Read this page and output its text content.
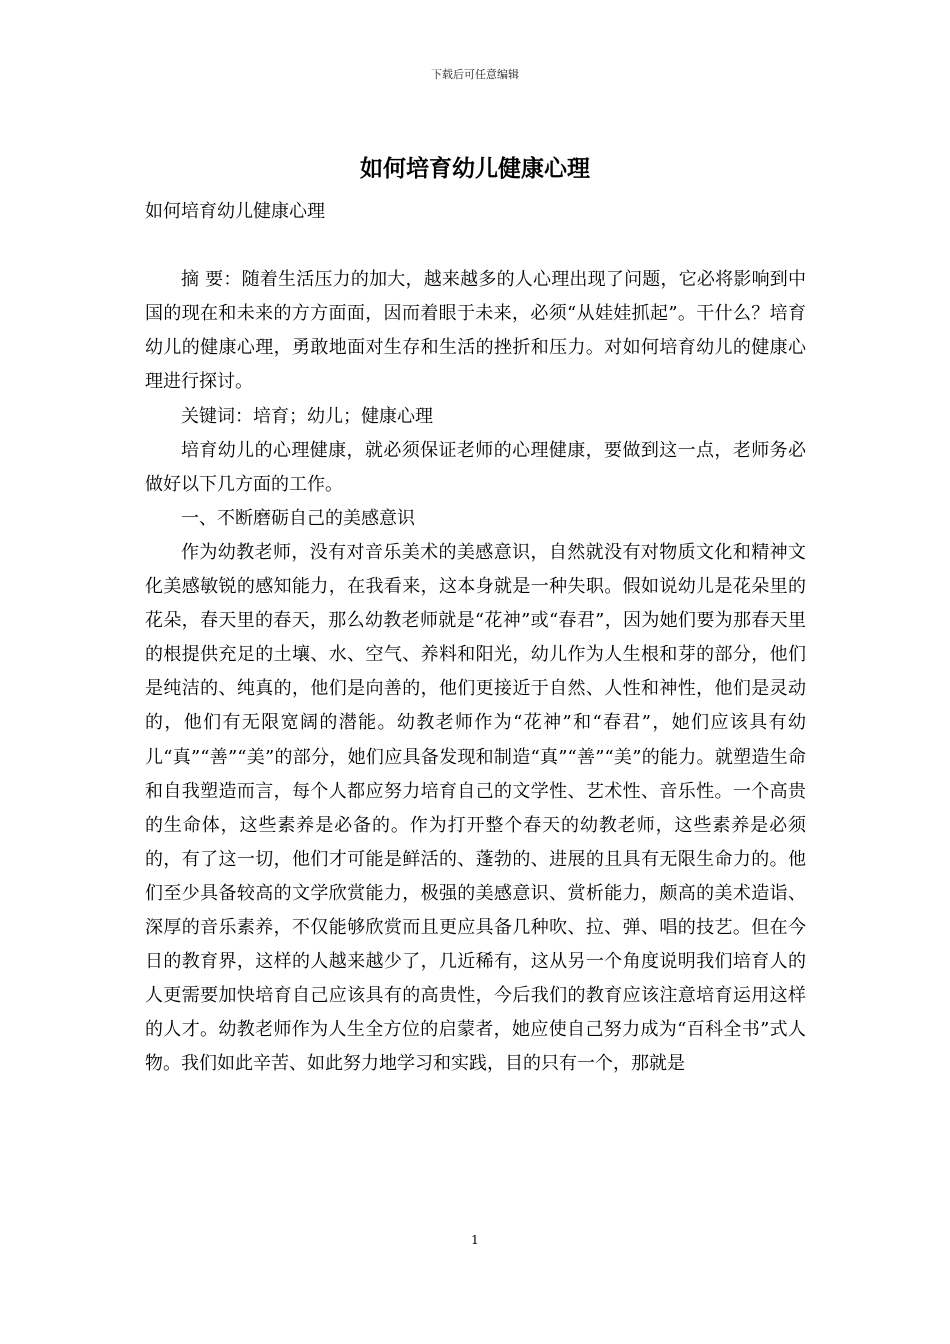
下载后可任意编辑
如何培育幼儿健康心理

如何培育幼儿健康心理

摘 要：随着生活压力的加大，越来越多的人心理出现了问题，它必将影响到中国的现在和未来的方方面面，因而着眼于未来，必须“从娃娃抓起”。干什么？培育幼儿的健康心理，勇敢地面对生存和生活的挫折和压力。对如何培育幼儿的健康心理进行探讨。

关键词：培育；幼儿；健康心理

培育幼儿的心理健康，就必须保证老师的心理健康，要做到这一点，老师务必做好以下几方面的工作。

一、不断磨砺自己的美感意识

作为幼教老师，没有对音乐美术的美感意识，自然就没有对物质文化和精神文化美感敏锐的感知能力，在我看来，这本身就是一种失职。假如说幼儿是花朵里的花朵，春天里的春天，那么幼教老师就是“花神”或“春君”，因为她们要为那春天里的根提供充足的土壤、水、空气、养料和阳光，幼儿作为人生根和芽的部分，他们是纯洁的、纯真的，他们是向善的，他们更接近于自然、人性和神性，他们是灵动的，他们有无限宽阔的潜能。幼教老师作为“花神”和“春君”，她们应该具有幼儿“真”“善”“美”的部分，她们应具备发现和制造“真”“善”“美”的能力。就塑造生命和自我塑造而言，每个人都应努力培育自己的文学性、艺术性、音乐性。一个高贵的生命体，这些素养是必备的。作为打开整个春天的幼教老师，这些素养是必须的，有了这一切，他们才可能是鲜活的、蓬勃的、进展的且具有无限生命力的。他们至少具备较高的文学欣赏能力，极强的美感意识、赏析能力，颇高的美术造诣、深厚的音乐素养，不仅能够欣赏而且更应具备几种吹、拉、弹、唱的技艺。但在今日的教育界，这样的人越来越少了，几近稀有，这从另一个角度说明我们培育人的人更需要加快培育自己应该具有的高贵性，今后我们的教育应该注意培育运用这样的人才。幼教老师作为人生全方位的启蒙者，她应使自己努力成为“百科全书”式人物。我们如此辛苦、如此努力地学习和实践，目的只有一个，那就是

1
